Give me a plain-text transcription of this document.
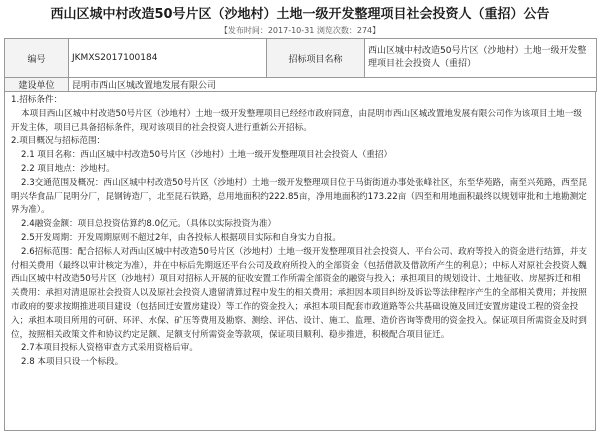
西山区城中村改造50号片区（沙地村）土地一级开发整理项目社会投资人（重招）公告
【发布时间：2017-10-31 浏览次数：274】
编号	JKMXS2017100184	招标项目名称	西山区城中村改造50号片区（沙地村）土地一级开发整理项目社会投资人（重招）
建设单位	昆明市西山区城改置地发展有限公司		

1.招标条件：

本项目西山区城中村改造50号片区（沙地村）土地一级开发整理项目已经经市政府同意，由昆明市西山区城改置地发展有限公司作为该项目土地一级开发主体，项目已具备招标条件，现对该项目的社会投资人进行重新公开招标。

2.项目概况与招标范围：

2.1 项目名称：西山区城中村改造50号片区（沙地村）土地一级开发整理项目社会投资人（重招）

2.2 项目地点：沙地村。

2.3交通范围及概况：西山区城中村改造50号片区（沙地村）土地一级开发整理项目位于马街街道办事处张峰社区，东至华苑路，南至兴苑路，西至昆明兴华食品厂昆明分厂，昆钢铸造厂，北至昆石铁路，总用地面积约222.85亩，净用地面积约173.22亩（四至和用地面积最终以规划审批和土地勘测定界为准）。

2.4融资金额：项目总投资估算约8.0亿元。（具体以实际投资为准）

2.5开发周期：开发周期原则不超过2年，由各投标人根据项目实际和自身实力自报。

2.6招标范围：配合招标人对西山区城中村改造50号片区（沙地村）土地一级开发整理项目社会投资人、平台公司、政府等投入的资金进行结算，并支付相关费用（最终以审计核定为准），并在中标后先期返还平台公司及政府所投入的全部资金（包括借款及借款所产生的利息）；中标人对原社会投资人魏西山区城中村改造50号片区（沙地村）项目对招标人开展的征收安置工作所需全部资金的融资与投入；承担项目的规划设计、土地征收、房屋拆迁和相关费用：承担对清退原社会投资人以及原社会投资人遗留清算过程中发生的相关费用；承担因本项目纠纷及诉讼等法律程序产生的全部相关费用；并按照市政府的要求按期推进项目建设（包括回迁安置房建设）等工作的资金投入；承担本项目配套市政道路等公共基础设施及回迁安置房建设工程的资金投入；承担本项目所用的可研、环评、水保、矿压等费用及勘察、测绘、评估、设计、施工、监理、造价咨询等费用的资金投入。保证项目所需资金及时到位，按照相关政策文件和协议约定足额、足额支付所需资金等款项，保证项目顺利、稳步推进，积极配合项目征迁。

2.7本项目投标人资格审查方式采用资格后审。

2.8 本项目只设一个标段。
